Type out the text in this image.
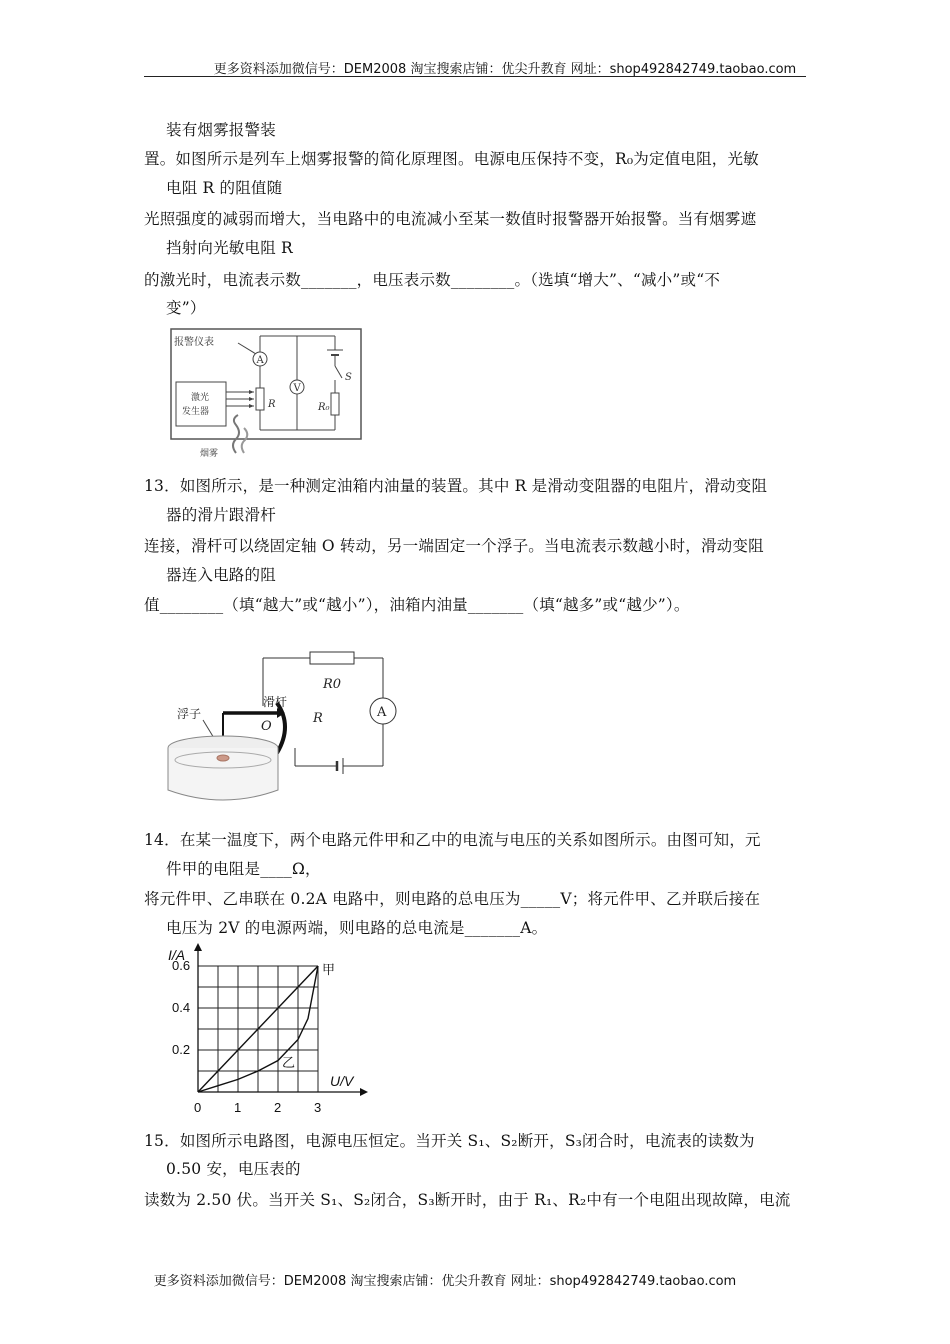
更多资料添加微信号：DEM2008 淘宝搜索店铺：优尖升教育 网址：shop492842749.taobao.com
装有烟雾报警装
置。如图所示是列车上烟雾报警的简化原理图。电源电压保持不变，R₀为定值电阻，光敏
电阻 R 的阻值随
光照强度的减弱而增大，当电路中的电流减小至某一数值时报警器开始报警。当有烟雾遮
挡射向光敏电阻 R
的激光时，电流表示数_______，电压表示数________。（选填“增大”、“减小”或“不
变”）
报警仪表
A
R
V
S
R₀
激光
发生器
烟雾
13．如图所示，是一种测定油箱内油量的装置。其中 R 是滑动变阻器的电阻片，滑动变阻
器的滑片跟滑杆
连接，滑杆可以绕固定轴 O 转动，另一端固定一个浮子。当电流表示数越小时，滑动变阻
器连入电路的阻
值________（填“越大”或“越小”），油箱内油量_______（填“越多”或“越少”）。
R0
A
R
滑杆
O
浮子
14．在某一温度下，两个电路元件甲和乙中的电流与电压的关系如图所示。由图可知，元
件甲的电阻是____Ω，
将元件甲、乙串联在 0.2A 电路中，则电路的总电压为_____V；将元件甲、乙并联后接在
电压为 2V 的电源两端，则电路的总电流是_______A。
0	1	2	3
0.2
0.4
0.6
I/A
U/V
甲
乙
15．如图所示电路图，电源电压恒定。当开关 S₁、S₂断开，S₃闭合时，电流表的读数为
0.50 安，电压表的
读数为 2.50 伏。当开关 S₁、S₂闭合，S₃断开时，由于 R₁、R₂中有一个电阻出现故障，电流
更多资料添加微信号：DEM2008 淘宝搜索店铺：优尖升教育 网址：shop492842749.taobao.com
